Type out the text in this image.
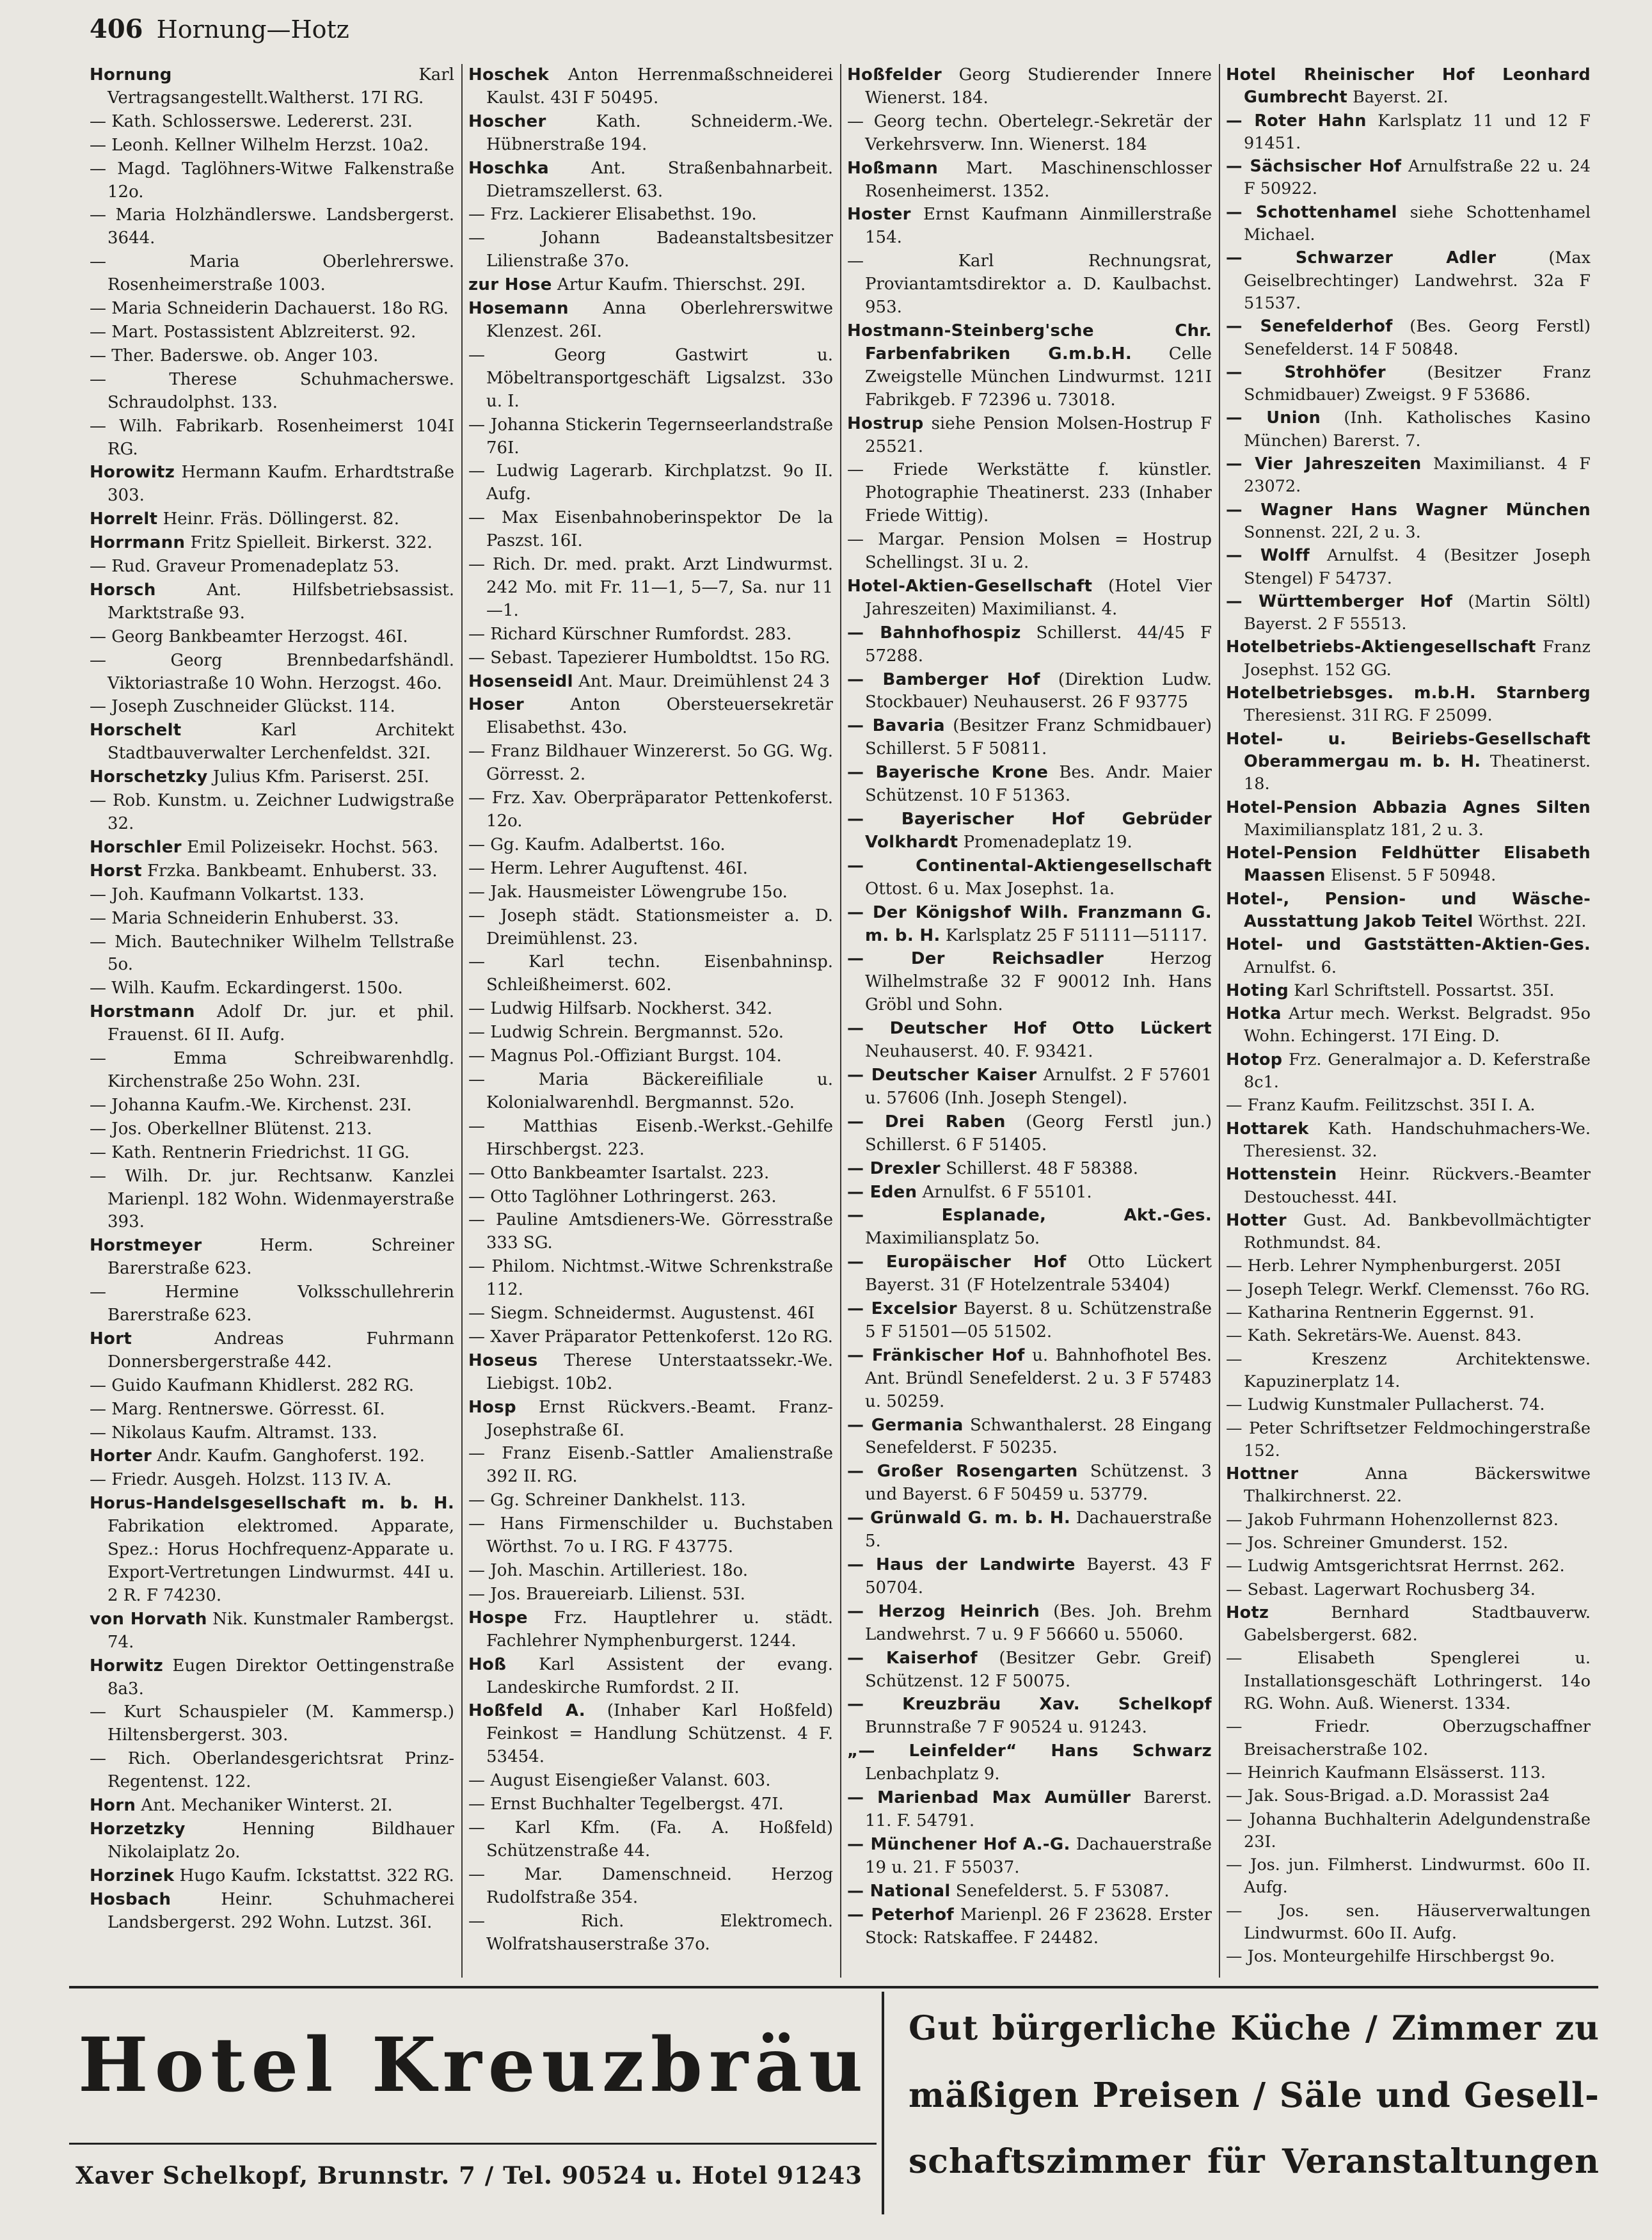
406 Hornung—Hotz

Hornung	Karl Vertragsangestellt.Waltherst. 17I RG.

— Kath. Schlosserswe. Ledererst. 23I.

— Leonh. Kellner Wilhelm Herzst. 10a2.

— Magd. Taglöhners-Witwe Falkenstraße 12o.

— Maria Holzhändlerswe. Landsbergerst. 3644.

— Maria Oberlehrerswe. Rosenheimerstraße 1003.

— Maria Schneiderin Dachauerst. 18o RG.

— Mart. Postassistent Ablzreiterst. 92.

— Ther. Baderswe. ob. Anger 103.

— Therese Schuhmacherswe. Schraudolphst. 133.

— Wilh. Fabrikarb. Rosenheimerst 104I RG.

Horowitz Hermann Kaufm. Erhardtstraße 303.

Horrelt Heinr. Fräs. Döllingerst. 82.

Horrmann Fritz Spielleit. Birkerst. 322.

— Rud. Graveur Promenadeplatz 53.

Horsch	Ant. Hilfsbetriebsassist. Marktstraße 93.

— Georg Bankbeamter Herzogst. 46I.

— Georg Brennbedarfshändl. Viktoriastraße 10 Wohn. Herzogst. 46o.

— Joseph Zuschneider Glückst. 114.

Horschelt	Karl Architekt Stadtbauverwalter Lerchenfeldst. 32I.

Horschetzky Julius Kfm. Pariserst. 25I.

— Rob. Kunstm. u. Zeichner Ludwigstraße 32.

Horschler Emil Polizeisekr. Hochst. 563.

Horst Frzka. Bankbeamt. Enhuberst. 33.

— Joh. Kaufmann Volkartst. 133.

— Maria Schneiderin Enhuberst. 33.

— Mich. Bautechniker Wilhelm Tellstraße 5o.

— Wilh. Kaufm. Eckardingerst. 150o.

Horstmann Adolf Dr. jur. et phil. Frauenst. 6I II. Aufg.

— Emma Schreibwarenhdlg. Kirchenstraße 25o Wohn. 23I.

— Johanna Kaufm.-We. Kirchenst. 23I.

— Jos. Oberkellner Blütenst. 213.

— Kath. Rentnerin Friedrichst. 1I GG.

— Wilh. Dr. jur. Rechtsanw. Kanzlei Marienpl. 182 Wohn. Widenmayerstraße 393.

Horstmeyer	Herm. Schreiner Barerstraße 623.

— Hermine Volksschullehrerin Barerstraße 623.

Hort	Andreas Fuhrmann Donnersbergerstraße 442.

— Guido Kaufmann Khidlerst. 282 RG.

— Marg. Rentnerswe. Görresst. 6I.

— Nikolaus Kaufm. Altramst. 133.

Horter Andr. Kaufm. Ganghoferst. 192.

— Friedr. Ausgeh. Holzst. 113 IV. A.

Horus-Handelsgesellschaft m. b. H. Fabrikation elektromed. Apparate, Spez.: Horus Hochfrequenz-Apparate u. Export-Vertretungen Lindwurmst. 44I u. 2 R. F 74230.

von Horvath Nik. Kunstmaler Rambergst. 74.

Horwitz Eugen Direktor Oettingenstraße 8a3.

— Kurt Schauspieler (M. Kammersp.) Hiltensbergerst. 303.

— Rich. Oberlandesgerichtsrat Prinz-Regentenst. 122.

Horn Ant. Mechaniker Winterst. 2I.

Horzetzky	Henning Bildhauer Nikolaiplatz 2o.

Horzinek Hugo Kaufm. Ickstattst. 322 RG.

Hosbach	Heinr. Schuhmacherei Landsbergerst. 292 Wohn. Lutzst. 36I.

Hoschek Anton Herrenmaßschneiderei Kaulst. 43I F 50495.

Hoscher	Kath. Schneiderm.-We. Hübnerstraße 194.

Hoschka	Ant. Straßenbahnarbeit. Dietramszellerst. 63.

— Frz. Lackierer Elisabethst. 19o.

— Johann Badeanstaltsbesitzer Lilienstraße 37o.

zur Hose Artur Kaufm. Thierschst. 29I.

Hosemann Anna Oberlehrerswitwe Klenzest. 26I.

— Georg Gastwirt u. Möbeltransportgeschäft Ligsalzst. 33o u. I.

— Johanna Stickerin Tegernseerlandstraße 76I.

— Ludwig Lagerarb. Kirchplatzst. 9o II. Aufg.

— Max Eisenbahnoberinspektor De la Paszst. 16I.

— Rich. Dr. med. prakt. Arzt Lindwurmst. 242 Mo. mit Fr. 11—1, 5—7, Sa. nur 11—1.

— Richard Kürschner Rumfordst. 283.

— Sebast. Tapezierer Humboldtst. 15o RG.

Hosenseidl Ant. Maur. Dreimühlenst 24 3

Hoser	Anton Obersteuersekretär Elisabethst. 43o.

— Franz Bildhauer Winzererst. 5o GG. Wg. Görresst. 2.

— Frz. Xav. Oberpräparator Pettenkoferst. 12o.

— Gg. Kaufm. Adalbertst. 16o.

— Herm. Lehrer Auguftenst. 46I.

— Jak. Hausmeister Löwengrube 15o.

— Joseph städt. Stationsmeister a. D. Dreimühlenst. 23.

— Karl techn. Eisenbahninsp. Schleißheimerst. 602.

— Ludwig Hilfsarb. Nockherst. 342.

— Ludwig Schrein. Bergmannst. 52o.

— Magnus Pol.-Offiziant Burgst. 104.

— Maria Bäckereifiliale u. Kolonialwarenhdl. Bergmannst. 52o.

— Matthias Eisenb.-Werkst.-Gehilfe Hirschbergst. 223.

— Otto Bankbeamter Isartalst. 223.

— Otto Taglöhner Lothringerst. 263.

— Pauline Amtsdieners-We. Görresstraße 333 SG.

— Philom. Nichtmst.-Witwe Schrenkstraße 112.

— Siegm. Schneidermst. Augustenst. 46I

— Xaver Präparator Pettenkoferst. 12o RG.

Hoseus Therese Unterstaatssekr.-We. Liebigst. 10b2.

Hosp Ernst Rückvers.-Beamt. Franz-Josephstraße 6I.

— Franz Eisenb.-Sattler Amalienstraße 392 II. RG.

— Gg. Schreiner Dankhelst. 113.

— Hans Firmenschilder u. Buchstaben Wörthst. 7o u. I RG. F 43775.

— Joh. Maschin. Artilleriest. 18o.

— Jos. Brauereiarb. Lilienst. 53I.

Hospe Frz. Hauptlehrer u. städt. Fachlehrer Nymphenburgerst. 1244.

Hoß Karl Assistent der evang. Landeskirche Rumfordst. 2 II.

Hoßfeld A. (Inhaber Karl Hoßfeld) Feinkost = Handlung Schützenst. 4 F. 53454.

— August Eisengießer Valanst. 603.

— Ernst Buchhalter Tegelbergst. 47I.

— Karl Kfm. (Fa. A. Hoßfeld) Schützenstraße 44.

— Mar. Damenschneid. Herzog Rudolfstraße 354.

— Rich. Elektromech. Wolfratshauserstraße 37o.

Hoßfelder Georg Studierender Innere Wienerst. 184.

— Georg techn. Obertelegr.-Sekretär der Verkehrsverw. Inn. Wienerst. 184

Hoßmann Mart. Maschinenschlosser Rosenheimerst. 1352.

Hoster Ernst Kaufmann Ainmillerstraße 154.

— Karl Rechnungsrat, Proviantamtsdirektor a. D. Kaulbachst. 953.

Hostmann-Steinberg'sche Chr. Farbenfabriken G.m.b.H. Celle Zweigstelle München Lindwurmst. 121I Fabrikgeb. F 72396 u. 73018.

Hostrup siehe Pension Molsen-Hostrup F 25521.

— Friede Werkstätte f. künstler. Photographie Theatinerst. 233 (Inhaber Friede Wittig).

— Margar. Pension Molsen = Hostrup Schellingst. 3I u. 2.

Hotel-Aktien-Gesellschaft (Hotel Vier Jahreszeiten) Maximilianst. 4.

— Bahnhofhospiz Schillerst. 44/45 F 57288.

— Bamberger Hof (Direktion Ludw. Stockbauer) Neuhauserst. 26 F 93775

— Bavaria (Besitzer Franz Schmidbauer) Schillerst. 5 F 50811.

— Bayerische Krone Bes. Andr. Maier Schützenst. 10 F 51363.

— Bayerischer Hof Gebrüder Volkhardt Promenadeplatz 19.

— Continental-Aktiengesellschaft Ottost. 6 u. Max Josephst. 1a.

— Der Königshof Wilh. Franzmann G. m. b. H. Karlsplatz 25 F 51111—51117.

— Der Reichsadler	Herzog Wilhelmstraße 32 F 90012 Inh. Hans Gröbl und Sohn.

— Deutscher Hof Otto Lückert Neuhauserst. 40. F. 93421.

— Deutscher Kaiser Arnulfst. 2 F 57601 u. 57606 (Inh. Joseph Stengel).

— Drei Raben (Georg Ferstl jun.) Schillerst. 6 F 51405.

— Drexler Schillerst. 48 F 58388.

— Eden Arnulfst. 6 F 55101.

— Esplanade, Akt.-Ges. Maximiliansplatz 5o.

— Europäischer Hof Otto Lückert Bayerst. 31 (F Hotelzentrale 53404)

— Excelsior Bayerst. 8 u. Schützenstraße 5 F 51501—05 51502.

— Fränkischer Hof u. Bahnhofhotel Bes. Ant. Bründl Senefelderst. 2 u. 3 F 57483 u. 50259.

— Germania Schwanthalerst. 28 Eingang Senefelderst. F 50235.

— Großer Rosengarten Schützenst. 3 und Bayerst. 6 F 50459 u. 53779.

— Grünwald G. m. b. H. Dachauerstraße 5.

— Haus der Landwirte Bayerst. 43 F 50704.

— Herzog Heinrich (Bes. Joh. Brehm Landwehrst. 7 u. 9 F 56660 u. 55060.

— Kaiserhof (Besitzer Gebr. Greif) Schützenst. 12 F 50075.

— Kreuzbräu Xav. Schelkopf Brunnstraße 7 F 90524 u. 91243.

„— Leinfelder“ Hans Schwarz Lenbachplatz 9.

— Marienbad Max Aumüller Barerst. 11. F. 54791.

— Münchener Hof A.-G. Dachauerstraße 19 u. 21. F 55037.

— National Senefelderst. 5. F 53087.

— Peterhof Marienpl. 26 F 23628. Erster Stock: Ratskaffee. F 24482.

Hotel Rheinischer Hof Leonhard Gumbrecht Bayerst. 2I.

— Roter Hahn Karlsplatz 11 und 12 F 91451.

— Sächsischer Hof Arnulfstraße 22 u. 24 F 50922.

— Schottenhamel siehe Schottenhamel Michael.

— Schwarzer Adler	(Max Geiselbrechtinger) Landwehrst. 32a F 51537.

— Senefelderhof (Bes. Georg Ferstl) Senefelderst. 14 F 50848.

— Strohhöfer	(Besitzer Franz Schmidbauer) Zweigst. 9 F 53686.

— Union (Inh. Katholisches Kasino München) Barerst. 7.

— Vier Jahreszeiten Maximilianst. 4 F 23072.

— Wagner Hans Wagner München Sonnenst. 22I, 2 u. 3.

— Wolff Arnulfst. 4 (Besitzer Joseph Stengel) F 54737.

— Württemberger Hof (Martin Söltl) Bayerst. 2 F 55513.

Hotelbetriebs-Aktiengesellschaft Franz Josephst. 152 GG.

Hotelbetriebsges. m.b.H. Starnberg Theresienst. 31I RG. F 25099.

Hotel- u. Beiriebs-Gesellschaft Oberammergau m. b. H. Theatinerst. 18.

Hotel-Pension Abbazia Agnes Silten Maximiliansplatz 181, 2 u. 3.

Hotel-Pension Feldhütter Elisabeth Maassen Elisenst. 5 F 50948.

Hotel-, Pension- und Wäsche-Ausstattung Jakob Teitel Wörthst. 22I.

Hotel- und Gaststätten-Aktien-Ges. Arnulfst. 6.

Hoting Karl Schriftstell. Possartst. 35I.

Hotka Artur mech. Werkst. Belgradst. 95o Wohn. Echingerst. 17I Eing. D.

Hotop Frz. Generalmajor a. D. Keferstraße 8c1.

— Franz Kaufm. Feilitzschst. 35I I. A.

Hottarek Kath. Handschuhmachers-We. Theresienst. 32.

Hottenstein Heinr. Rückvers.-Beamter Destouchesst. 44I.

Hotter Gust. Ad. Bankbevollmächtigter Rothmundst. 84.

— Herb. Lehrer Nymphenburgerst. 205I

— Joseph Telegr. Werkf. Clemensst. 76o RG.

— Katharina Rentnerin Eggernst. 91.

— Kath. Sekretärs-We. Auenst. 843.

— Kreszenz Architektenswe. Kapuzinerplatz 14.

— Ludwig Kunstmaler Pullacherst. 74.

— Peter Schriftsetzer Feldmochingerstraße 152.

Hottner	Anna Bäckerswitwe Thalkirchnerst. 22.

— Jakob Fuhrmann Hohenzollernst 823.

— Jos. Schreiner Gmunderst. 152.

— Ludwig Amtsgerichtsrat Herrnst. 262.

— Sebast. Lagerwart Rochusberg 34.

Hotz	Bernhard Stadtbauverw. Gabelsbergerst. 682.

— Elisabeth Spenglerei u. Installationsgeschäft Lothringerst. 14o RG. Wohn. Auß. Wienerst. 1334.

— Friedr. Oberzugschaffner Breisacherstraße 102.

— Heinrich Kaufmann Elsässerst. 113.

— Jak. Sous-Brigad. a.D. Morassist 2a4

— Johanna Buchhalterin Adelgundenstraße 23I.

— Jos. jun. Filmherst. Lindwurmst. 60o II. Aufg.

— Jos. sen. Häuserverwaltungen Lindwurmst. 60o II. Aufg.

— Jos. Monteurgehilfe Hirschbergst 9o.

Hotel Kreuzbräu
Xaver Schelkopf, Brunnstr. 7 / Tel. 90524 u. Hotel 91243
Gut bürgerliche Küche / Zimmer zu
mäßigen Preisen / Säle und Gesell-
schaftszimmer für Veranstaltungen
